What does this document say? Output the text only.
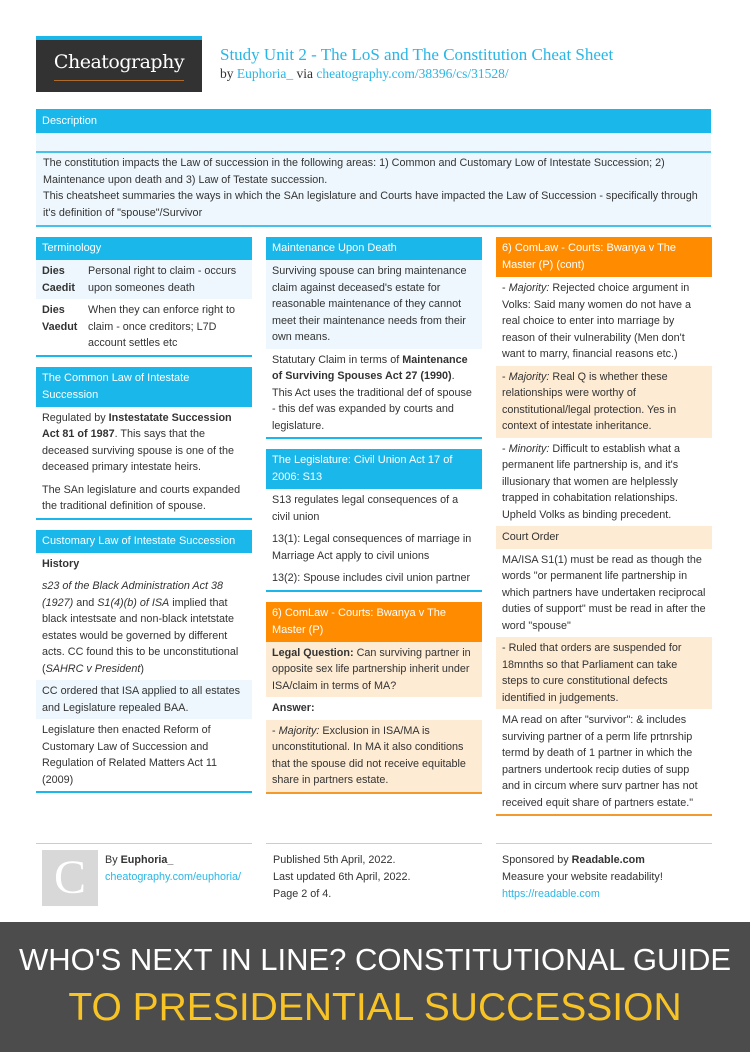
Cheatography	Study Unit 2 - The LoS and The Constitution Cheat Sheet
by Euphoria_ via cheatography.com/38396/cs/31528/
Description
The constitution impacts the Law of succession in the following areas: 1) Common and Customary Low of Intestate Succession; 2) Maintenance upon death and 3) Law of Testate succession.
This cheatsheet summaries the ways in which the SAn legislature and Courts have impacted the Law of Succession - specifically through it's definition of "spouse"/Survivor
Terminology
Dies Caedit
Personal right to claim - occurs upon someones death
Dies Vaedut
When they can enforce right to claim - once creditors; L7D account settles etc
The Common Law of Intestate Succession
Regulated by Instestatate Succession Act 81 of 1987. This says that the deceased surviving spouse is one of the deceased primary intestate heirs.
The SAn legislature and courts expanded the traditional definition of spouse.
Customary Law of Intestate Succession
History
s23 of the Black Administration Act 38 (1927) and S1(4)(b) of ISA implied that black intestsate and non-black intetstate estates would be governed by different acts. CC found this to be unconstitutional (SAHRC v President)
CC ordered that ISA applied to all estates and Legislature repealed BAA.
Legislature then enacted Reform of Customary Law of Succession and Regulation of Related Matters Act 11 (2009)
Maintenance Upon Death
Surviving spouse can bring maintenance claim against deceased's estate for reasonable maintenance of they cannot meet their maintenance needs from their own means.
Statutary Claim in terms of Maintenance of Surviving Spouses Act 27 (1990). This Act uses the traditional def of spouse - this def was expanded by courts and legislature.
The Legislature: Civil Union Act 17 of 2006: S13
S13 regulates legal consequences of a civil union
13(1): Legal consequences of marriage in Marriage Act apply to civil unions
13(2): Spouse includes civil union partner
6) ComLaw - Courts: Bwanya v The Master (P)
Legal Question: Can surviving partner in opposite sex life partnership inherit under ISA/claim in terms of MA?
Answer:
- Majority: Exclusion in ISA/MA is unconstitutional. In MA it also conditions that the spouse did not receive equitable share in partners estate.
6) ComLaw - Courts: Bwanya v The Master (P) (cont)
- Majority: Rejected choice argument in Volks: Said many women do not have a real choice to enter into marriage by reason of their vulnerability (Men don't want to marry, financial reasons etc.)
- Majority: Real Q is whether these relationships were worthy of constitutional/legal protection. Yes in context of intestate inheritance.
- Minority: Difficult to establish what a permanent life partnership is, and it's illusionary that women are helplessly trapped in cohabitation relationships. Upheld Volks as binding precedent.
Court Order
MA/ISA S1(1) must be read as though the words "or permanent life partnership in which partners have undertaken reciprocal duties of support" must be read in after the word "spouse"
- Ruled that orders are suspended for 18mnths so that Parliament can take steps to cure constitutional defects identified in judgements.
MA read on after "survivor": & includes surviving partner of a perm life prtnrship termd by death of 1 partner in which the partners undertook recip duties of supp and in circum where surv partner has not received equit share of partners estate."
C	By Euphoria_
cheatography.com/euphoria/
Published 5th April, 2022.
Last updated 6th April, 2022.
Page 2 of 4.
Sponsored by Readable.com
Measure your website readability!
https://readable.com
WHO'S NEXT IN LINE? CONSTITUTIONAL GUIDE
TO PRESIDENTIAL SUCCESSION
